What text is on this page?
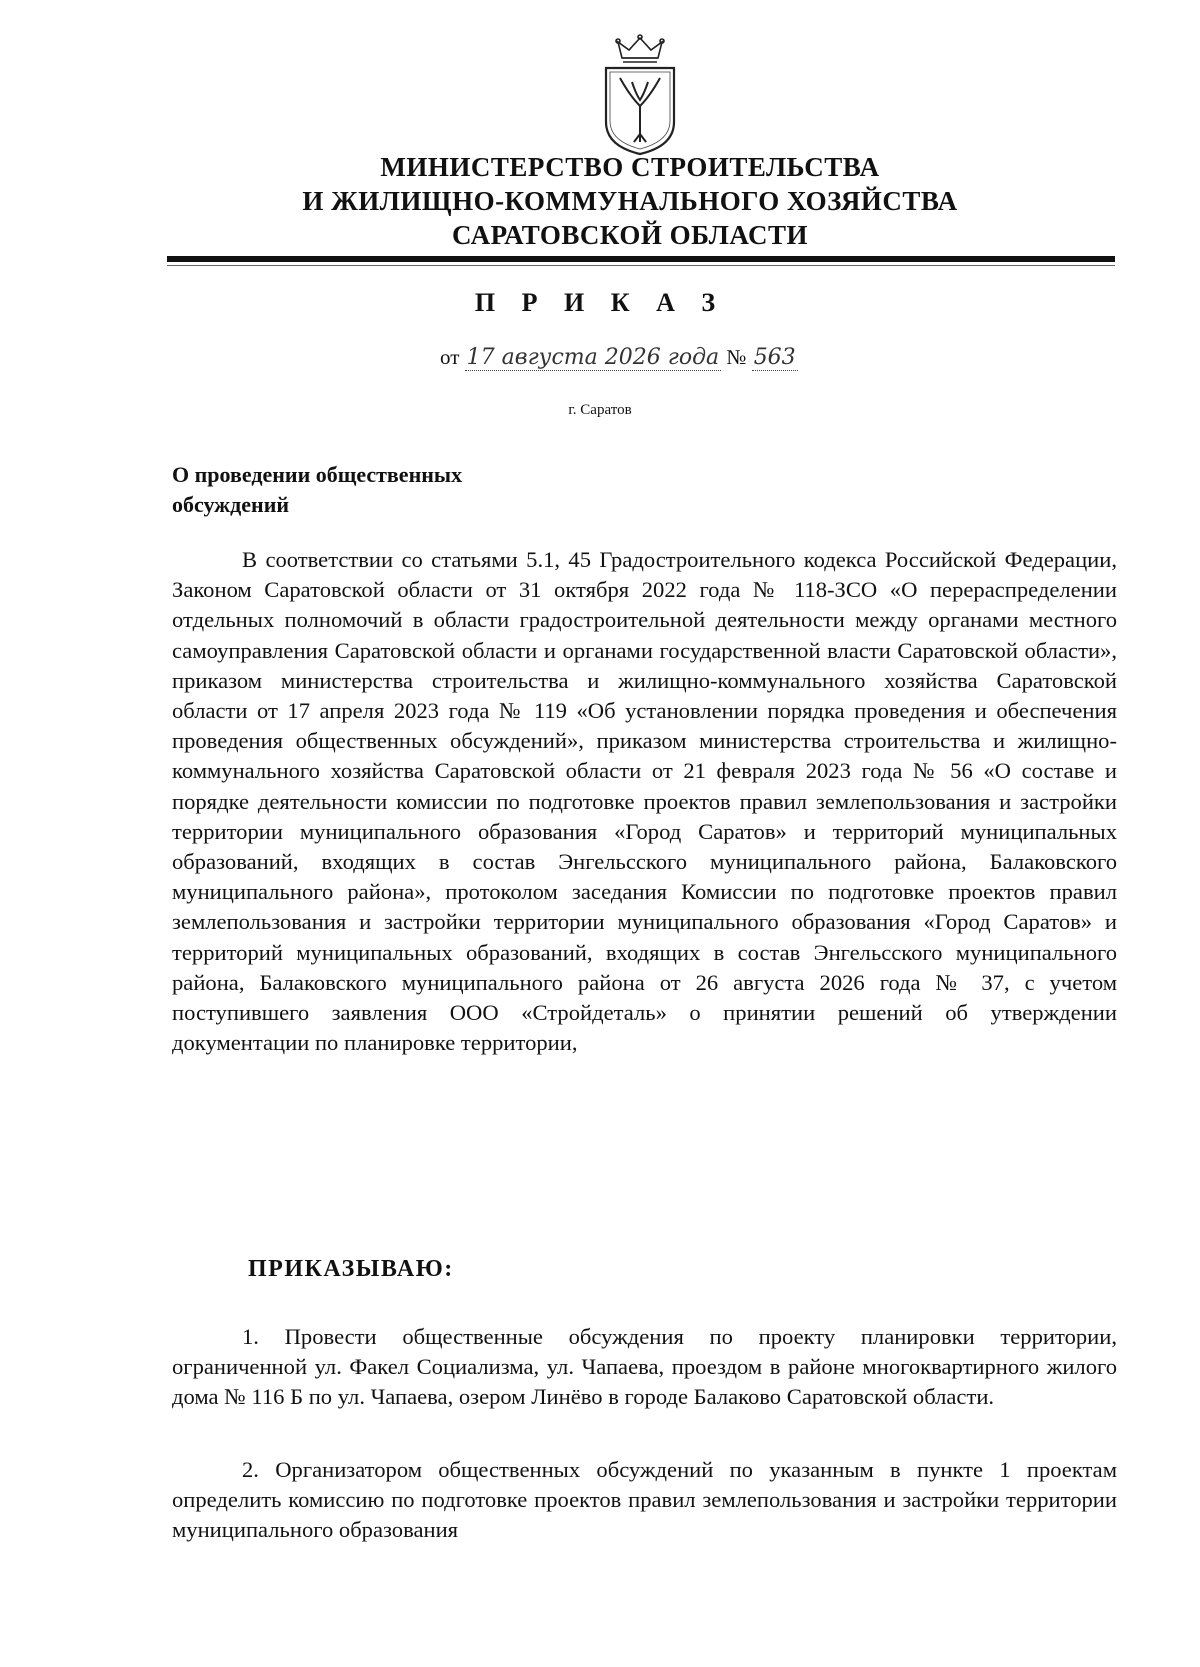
МИНИСТЕРСТВО СТРОИТЕЛЬСТВА
И ЖИЛИЩНО-КОММУНАЛЬНОГО ХОЗЯЙСТВА
САРАТОВСКОЙ ОБЛАСТИ
П Р И К А З
от 17 августа 2026 года № 563
г. Саратов
О проведении общественных
обсуждений
В соответствии со статьями 5.1, 45 Градостроительного кодекса Российской Федерации, Законом Саратовской области от 31 октября 2022 года № 118-ЗСО «О перераспределении отдельных полномочий в области градостроительной деятельности между органами местного самоуправления Саратовской области и органами государственной власти Саратовской области», приказом министерства строительства и жилищно-коммунального хозяйства Саратовской области от 17 апреля 2023 года № 119 «Об установлении порядка проведения и обеспечения проведения общественных обсуждений», приказом министерства строительства и жилищно-коммунального хозяйства Саратовской области от 21 февраля 2023 года № 56 «О составе и порядке деятельности комиссии по подготовке проектов правил землепользования и застройки территории муниципального образования «Город Саратов» и территорий муниципальных образований, входящих в состав Энгельсского муниципального района, Балаковского муниципального района», протоколом заседания Комиссии по подготовке проектов правил землепользования и застройки территории муниципального образования «Город Саратов» и территорий муниципальных образований, входящих в состав Энгельсского муниципального района, Балаковского муниципального района от 26 августа 2026 года № 37, с учетом поступившего заявления ООО «Стройдеталь» о принятии решений об утверждении документации по планировке территории,
ПРИКАЗЫВАЮ:
1. Провести общественные обсуждения по проекту планировки территории, ограниченной ул. Факел Социализма, ул. Чапаева, проездом в районе многоквартирного жилого дома № 116 Б по ул. Чапаева, озером Линёво в городе Балаково Саратовской области.
2. Организатором общественных обсуждений по указанным в пункте 1 проектам определить комиссию по подготовке проектов правил землепользования и застройки территории муниципального образования
